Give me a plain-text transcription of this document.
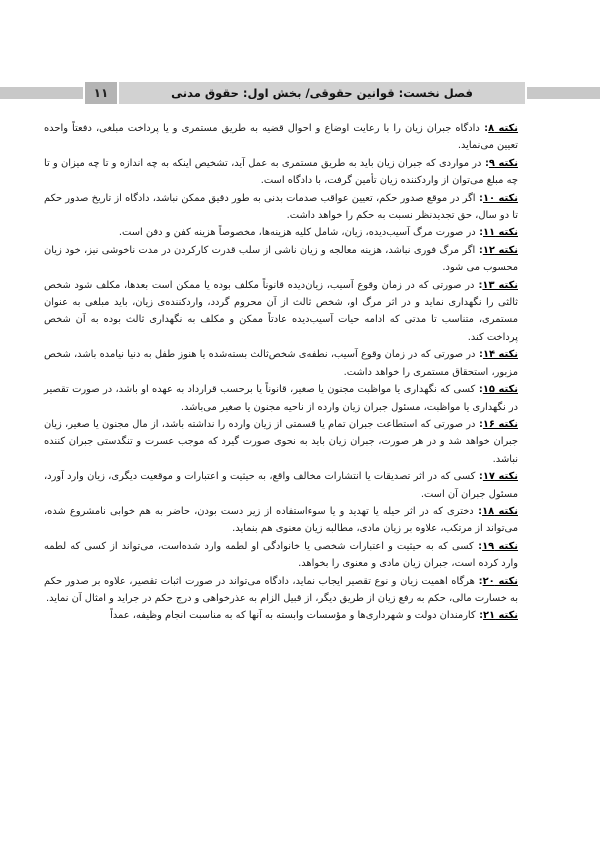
۱۱	فصل نخست: قوانین حقوقی/ بخش اول: حقوق مدنی

نکته ۸: دادگاه جبران زیان را با رعایت اوضاع و احوال قضیه به طریق مستمری و یا پرداخت مبلغی، دفعتاً واحده تعیین می‌نماید.

نکته ۹: در مواردی که جبران زیان باید به طریق مستمری به عمل آید، تشخیص اینکه به چه اندازه و تا چه میزان و تا چه مبلغ می‌توان از وارد‌کننده زیان تأمین گرفت، با دادگاه است.

نکته ۱۰: اگر در موقع صدور حکم، تعیین عواقب صدمات بدنی به طور دقیق ممکن نباشد، دادگاه از تاریخ صدور حکم تا دو سال، حق تجدیدنظر نسبت به حکم را خواهد داشت.

نکته ۱۱: در صورت مرگ آسیب‌دیده، زیان، شامل کلیه هزینه‌ها، مخصوصاً هزینه کفن و دفن است.

نکته ۱۲: اگر مرگ فوری نباشد، هزینه معالجه و زیان ناشی از سلب قدرت کارکردن در مدت ناخوشی نیز، خود زیان محسوب می شود.

نکته ۱۳: در صورتی که در زمان وقوع آسیب، زیان‌دیده قانوناً مکلف بوده یا ممکن است بعدها، مکلف شود شخص ثالثی را نگهداری نماید و در اثر مرگ او، شخص ثالث از آن محروم گردد، وارد‌کننده‌ی زیان، باید مبلغی به عنوان مستمری، متناسب تا مدتی که ادامه حیات آسیب‌دیده عادتاً ممکن و مکلف به نگهداری ثالث بوده به آن شخص پرداخت کند.

نکته ۱۴: در صورتی که در زمان وقوع آسیب، نطفه‌ی شخص‌ثالث بسته‌شده یا هنوز طفل به دنیا نیامده باشد، شخص مزبور، استحقاق مستمری را خواهد داشت.

نکته ۱۵: کسی که نگهداری یا مواظبت مجنون یا صغیر، قانوناً یا برحسب قرارداد به عهده او باشد، در صورت تقصیر در نگهداری یا مواظبت، مسئول جبران زیان وارده از ناحیه مجنون یا صغیر می‌باشد.

نکته ۱۶: در صورتی که استطاعت جبران تمام یا قسمتی از زیان وارده را نداشته باشد، از مال مجنون یا صغیر، زیان جبران خواهد شد و در هر صورت، جبران زیان باید به نحوی صورت گیرد که موجب عسرت و تنگدستی جبران کننده نباشد.

نکته ۱۷: کسی که در اثر تصدیقات یا انتشارات مخالف واقع، به حیثیت و اعتبارات و موقعیت دیگری، زیان وارد آورد، مسئول جبران آن است.

نکته ۱۸: دختری که در اثر حیله یا تهدید و یا سوءاستفاده از زیر دست بودن، حاضر به هم خوابی نامشروع شده، می‌تواند از مرتکب، علاوه بر زیان مادی، مطالبه زیان معنوی هم بنماید.

نکته ۱۹: کسی که به حیثیت و اعتبارات شخصی یا خانوادگی او لطمه وارد شده‌است، می‌تواند از کسی که لطمه وارد کرده است، جبران زیان مادی و معنوی را بخواهد.

نکته ۲۰: هرگاه اهمیت زیان و نوع تقصیر ایجاب نماید، دادگاه می‌تواند در صورت اثبات تقصیر، علاوه بر صدور حکم به خسارت مالی، حکم به رفع زیان از طریق دیگر، از قبیل الزام به عذرخواهی و درج حکم در جراید و امثال آن نماید.

نکته ۲۱: کارمندان دولت و شهرداری‌ها و مؤسسات وابسته به آنها که به مناسبت انجام وظیفه، عمداً
